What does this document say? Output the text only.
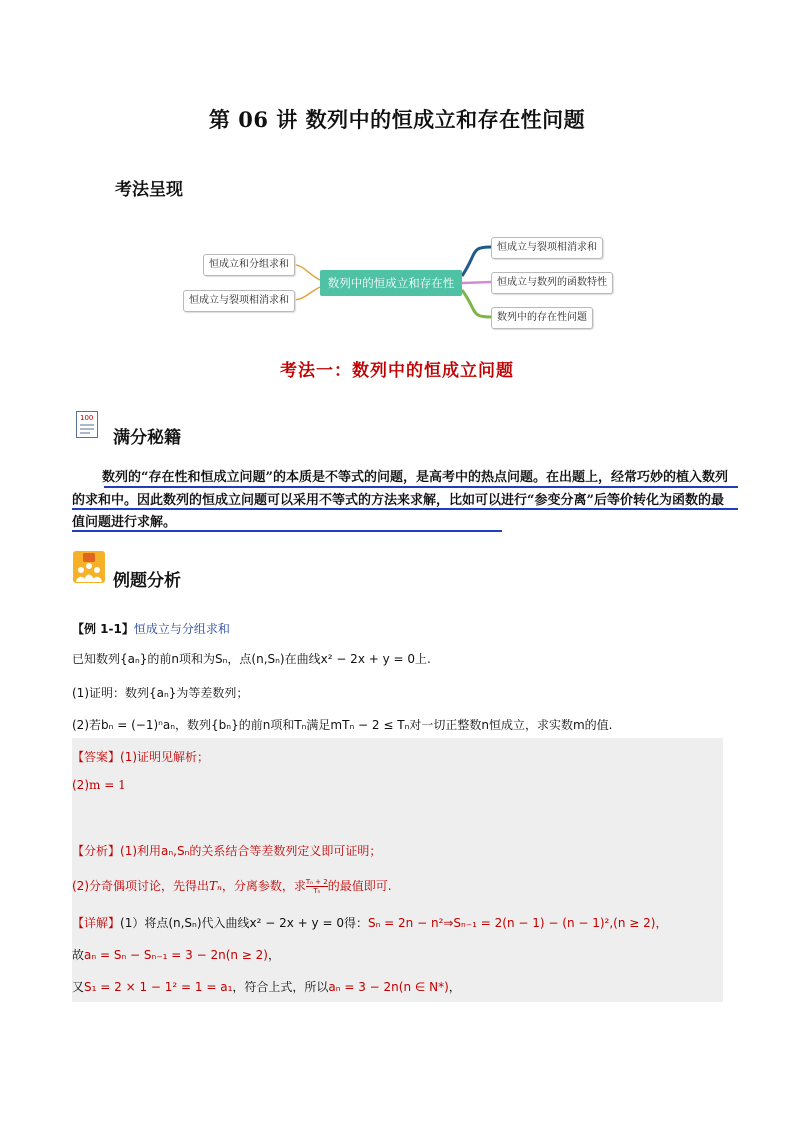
第 06 讲 数列中的恒成立和存在性问题
考法呈现
数列中的恒成立和存在性
恒成立和分组求和
恒成立与裂项相消求和
恒成立与裂项相消求和
恒成立与数列的函数特性
数列中的存在性问题
考法一：数列中的恒成立问题
100
满分秘籍
数列的“存在性和恒成立问题”的本质是不等式的问题，是高考中的热点问题。在出题上，经常巧妙的植入数列的求和中。因此数列的恒成立问题可以采用不等式的方法来求解，比如可以进行“参变分离”后等价转化为函数的最值问题进行求解。
例题分析
【例 1-1】恒成立与分组求和
已知数列{aₙ}的前n项和为Sₙ，点(n,Sₙ)在曲线x² − 2x + y = 0上.
(1)证明：数列{aₙ}为等差数列；
(2)若bₙ = (−1)ⁿaₙ，数列{bₙ}的前n项和Tₙ满足mTₙ − 2 ≤ Tₙ对一切正整数n恒成立，求实数m的值.
【答案】(1)证明见解析；
(2)m = 1
【分析】(1)利用aₙ,Sₙ的关系结合等差数列定义即可证明；
(2)分奇偶项讨论，先得出Tₙ，分离参数，求 $\frac{\text{Tₙ + 2}}{\text{Tₙ}}$ 的最值即可.
【详解】(1）将点(n,Sₙ)代入曲线x² − 2x + y = 0得：Sₙ = 2n − n²⇒Sₙ₋₁ = 2(n − 1) − (n − 1)²,(n ≥ 2)，
故aₙ = Sₙ − Sₙ₋₁ = 3 − 2n(n ≥ 2)，
又S₁ = 2 × 1 − 1² = 1 = a₁，符合上式，所以aₙ = 3 − 2n(n ∈ N*)，
